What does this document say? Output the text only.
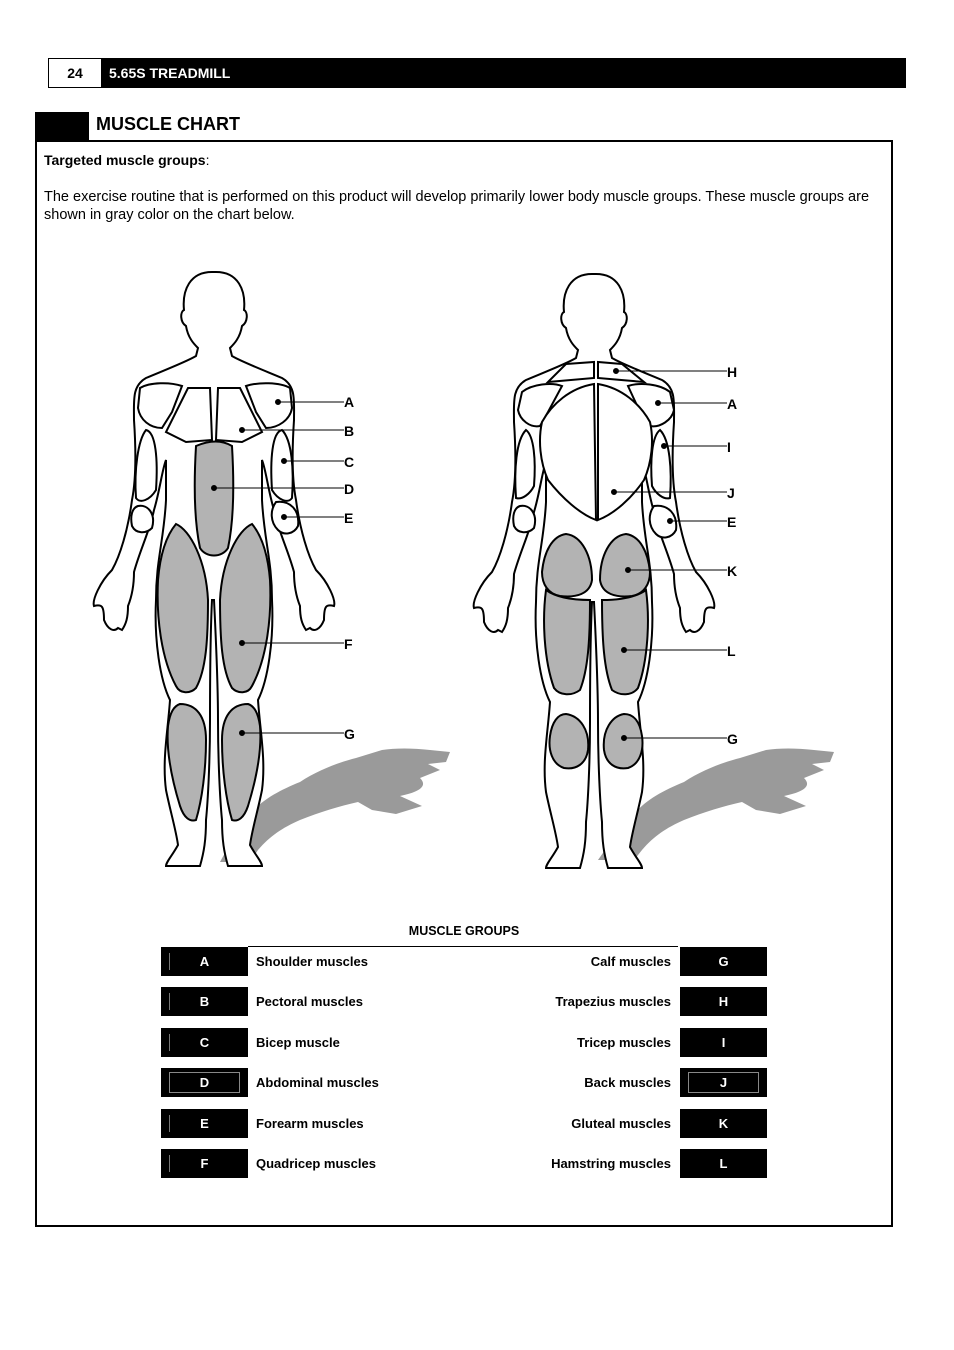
24	5.65S TREADMILL
MUSCLE CHART
Targeted muscle groups:
The exercise routine that is performed on this product will develop primarily lower body muscle groups. These muscle groups are shown in gray color on the chart below.
A
B
C
D
E
F
G
H
A
I
J
E
K
L
G
MUSCLE GROUPS
A	Shoulder muscles	Calf muscles	G
B	Pectoral muscles	Trapezius muscles	H
C	Bicep muscle	Tricep muscles	I
D	Abdominal muscles	Back muscles	J
E	Forearm muscles	Gluteal muscles	K
F	Quadricep muscles	Hamstring muscles	L
